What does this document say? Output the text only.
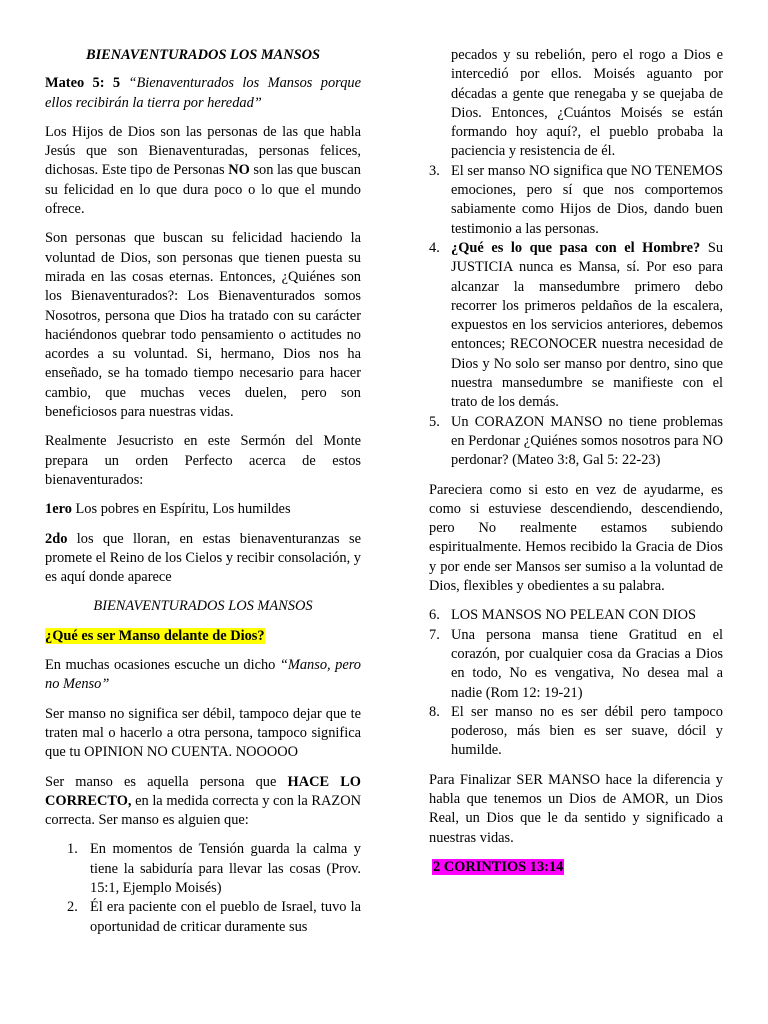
BIENAVENTURADOS LOS MANSOS

Mateo 5: 5 “Bienaventurados los Mansos porque ellos recibirán la tierra por heredad”

Los Hijos de Dios son las personas de las que habla Jesús que son Bienaventuradas, personas felices, dichosas. Este tipo de Personas NO son las que buscan su felicidad en lo que dura poco o lo que el mundo ofrece.

Son personas que buscan su felicidad haciendo la voluntad de Dios, son personas que tienen puesta su mirada en las cosas eternas. Entonces, ¿Quiénes son los Bienaventurados?: Los Bienaventurados somos Nosotros, persona que Dios ha tratado con su carácter haciéndonos quebrar todo pensamiento o actitudes no acordes a su voluntad. Si, hermano, Dios nos ha enseñado, se ha tomado tiempo necesario para hacer cambio, que muchas veces duelen, pero son beneficiosos para nuestras vidas.

Realmente Jesucristo en este Sermón del Monte prepara un orden Perfecto acerca de estos bienaventurados:

1ero Los pobres en Espíritu, Los humildes

2do los que lloran, en estas bienaventuranzas se promete el Reino de los Cielos y recibir consolación, y es aquí donde aparece

BIENAVENTURADOS LOS MANSOS

¿Qué es ser Manso delante de Dios?

En muchas ocasiones escuche un dicho “Manso, pero no Menso”

Ser manso no significa ser débil, tampoco dejar que te traten mal o hacerlo a otra persona, tampoco significa que tu OPINION NO CUENTA. NOOOOO

Ser manso es aquella persona que HACE LO CORRECTO, en la medida correcta y con la RAZON correcta. Ser manso es alguien que:

1. En momentos de Tensión guarda la calma y tiene la sabiduría para llevar las cosas (Prov. 15:1, Ejemplo Moisés)
2. Él era paciente con el pueblo de Israel, tuvo la oportunidad de criticar duramente sus

pecados y su rebelión, pero el rogo a Dios e intercedió por ellos. Moisés aguanto por décadas a gente que renegaba y se quejaba de Dios. Entonces, ¿Cuántos Moisés se están formando hoy aquí?, el pueblo probaba la paciencia y resistencia de él.

3. El ser manso NO significa que NO TENEMOS emociones, pero sí que nos comportemos sabiamente como Hijos de Dios, dando buen testimonio a las personas.
4. ¿Qué es lo que pasa con el Hombre? Su JUSTICIA nunca es Mansa, sí. Por eso para alcanzar la mansedumbre primero debo recorrer los primeros peldaños de la escalera, expuestos en los servicios anteriores, debemos entonces; RECONOCER nuestra necesidad de Dios y No solo ser manso por dentro, sino que nuestra mansedumbre se manifieste con el trato de los demás.
5. Un CORAZON MANSO no tiene problemas en Perdonar ¿Quiénes somos nosotros para NO perdonar? (Mateo 3:8, Gal 5: 22-23)

Pareciera como si esto en vez de ayudarme, es como si estuviese descendiendo, descendiendo, pero No realmente estamos subiendo espiritualmente. Hemos recibido la Gracia de Dios y por ende ser Mansos ser sumiso a la voluntad de Dios, flexibles y obedientes a su palabra.

6. LOS MANSOS NO PELEAN CON DIOS
7. Una persona mansa tiene Gratitud en el corazón, por cualquier cosa da Gracias a Dios en todo, No es vengativa, No desea mal a nadie (Rom 12: 19-21)
8. El ser manso no es ser débil pero tampoco poderoso, más bien es ser suave, dócil y humilde.

Para Finalizar SER MANSO hace la diferencia y habla que tenemos un Dios de AMOR, un Dios Real, un Dios que le da sentido y significado a nuestras vidas.

2 CORINTIOS 13:14
